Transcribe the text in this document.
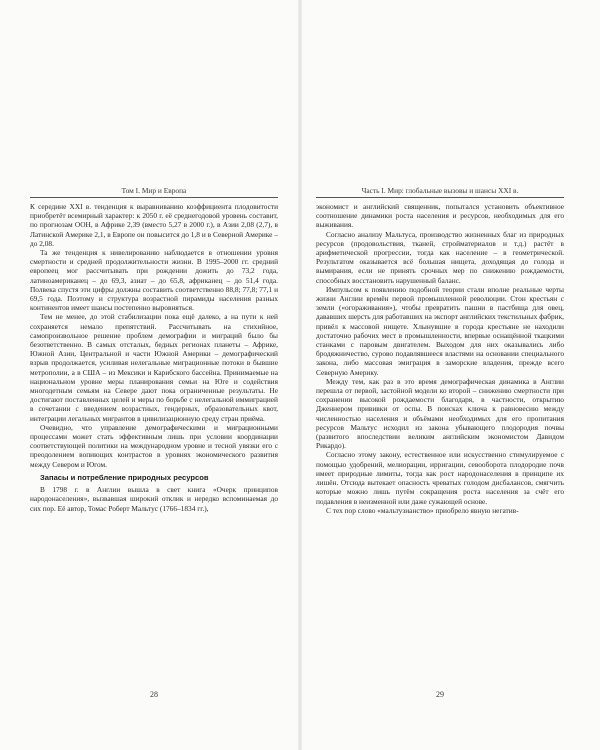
Том I. Мир и Европа

К середине XXI в. тенденция к выравниванию коэффициента плодовитости приобретёт всемирный характер: к 2050 г. её среднегодовой уровень составит, по прогнозам ООН, в Африке 2,39 (вместо 5,27 в 2000 г.), в Азии 2,08 (2,7), в Латинской Америке 2,1, в Европе он повысится до 1,8 и в Северной Америке – до 2,08.

Та же тенденция к нивелированию наблюдается в отношении уровня смертности и средней продолжительности жизни. В 1995–2000 гг. средний европеец мог рассчитывать при рождении дожить до 73,2 года, латиноамериканец – до 69,3, азиат – до 65,8, африканец – до 51,4 года. Полвека спустя эти цифры должны составить соответственно 88,8; 77,8; 77,1 и 69,5 года. Поэтому и структура возрастной пирамиды населения разных континентов имеет шансы постепенно выровняться.

Тем не менее, до этой стабилизации пока ещё далеко, а на пути к ней сохраняется немало препятствий. Рассчитывать на стихийное, самопроизвольное решение проблем демографии и миграций было бы безответственно. В самых отсталых, бедных регионах планеты – Африке, Южной Азии, Центральной и части Южной Америки – демографический взрыв продолжается, усиливая нелегальные миграционные потоки в бывшие метрополии, а в США – из Мексики и Карибского бассейна. Принимаемые на национальном уровне меры планирования семьи на Юге и содействия многодетным семьям на Севере дают пока ограниченные результаты. Не достигают поставленных целей и меры по борьбе с нелегальной иммиграцией в сочетании с введением возрастных, гендерных, образовательных квот, интеграции легальных мигрантов в цивилизационную среду стран приёма.

Очевидно, что управление демографическими и миграционными процессами может стать эффективным лишь при условии координации соответствующей политики на международном уровне и тесной увязки его с преодолением вопиющих контрастов в уровнях экономического развития между Севером и Югом.

Запасы и потребление природных ресурсов

В 1798 г. в Англии вышла в свет книга «Очерк принципов народонаселения», вызвавшая широкий отклик и нередко вспоминаемая до сих пор. Её автор, Томас Роберт Мальтус (1766–1834 гг.),

28
Часть I. Мир: глобальные вызовы и шансы XXI в.

экономист и английский священник, попытался установить объективное соотношение динамики роста населения и ресурсов, необходимых для его выживания.

Согласно анализу Мальтуса, производство жизненных благ из природных ресурсов (продовольствия, тканей, стройматериалов и т.д.) растёт в арифметической прогрессии, тогда как население – в геометрической. Результатом оказывается всё большая нищета, доходящая до голода и вымирания, если не принять срочных мер по снижению рождаемости, способных восстановить нарушенный баланс.

Импульсом к появлению подобной теории стали вполне реальные черты жизни Англии времён первой промышленной революции. Стон крестьян с земли («огораживания»), чтобы превратить пашни в пастбища для овец, дававших шерсть для работавших на экспорт английских текстильных фабрик, привёл к массовой нищете. Хлынувшие в города крестьяне не находили достаточно рабочих мест в промышленности, впервые оснащённой ткацкими станками с паровым двигателем. Выходом для них оказывались либо бродяжничество, сурово подавлявшееся властями на основании специального закона, либо массовая эмиграция в заморские владения, прежде всего Северную Америку.

Между тем, как раз в это время демографическая динамика в Англии перешла от первой, застойной модели ко второй – снижению смертности при сохранении высокой рождаемости благодаря, в частности, открытию Дженнером прививки от оспы. В поисках ключа к равновесию между численностью населения и объёмами необходимых для его пропитания ресурсов Мальтус исходил из закона убывающего плодородия почвы (развитого впоследствии великим английским экономистом Давидом Рикардо).

Согласно этому закону, естественное или искусственно стимулируемое с помощью удобрений, мелиорации, ирригации, севооборота плодородие почв имеет природные лимиты, тогда как рост народонаселения в принципе их лишён. Отсюда вытекает опасность чреватых голодом дисбалансов, смягчить которые можно лишь путём сокращения роста населения за счёт его подавления в неизменной или даже сужающей основе.

С тех пор слово «мальтузианство» приобрело явную негатив-

29
